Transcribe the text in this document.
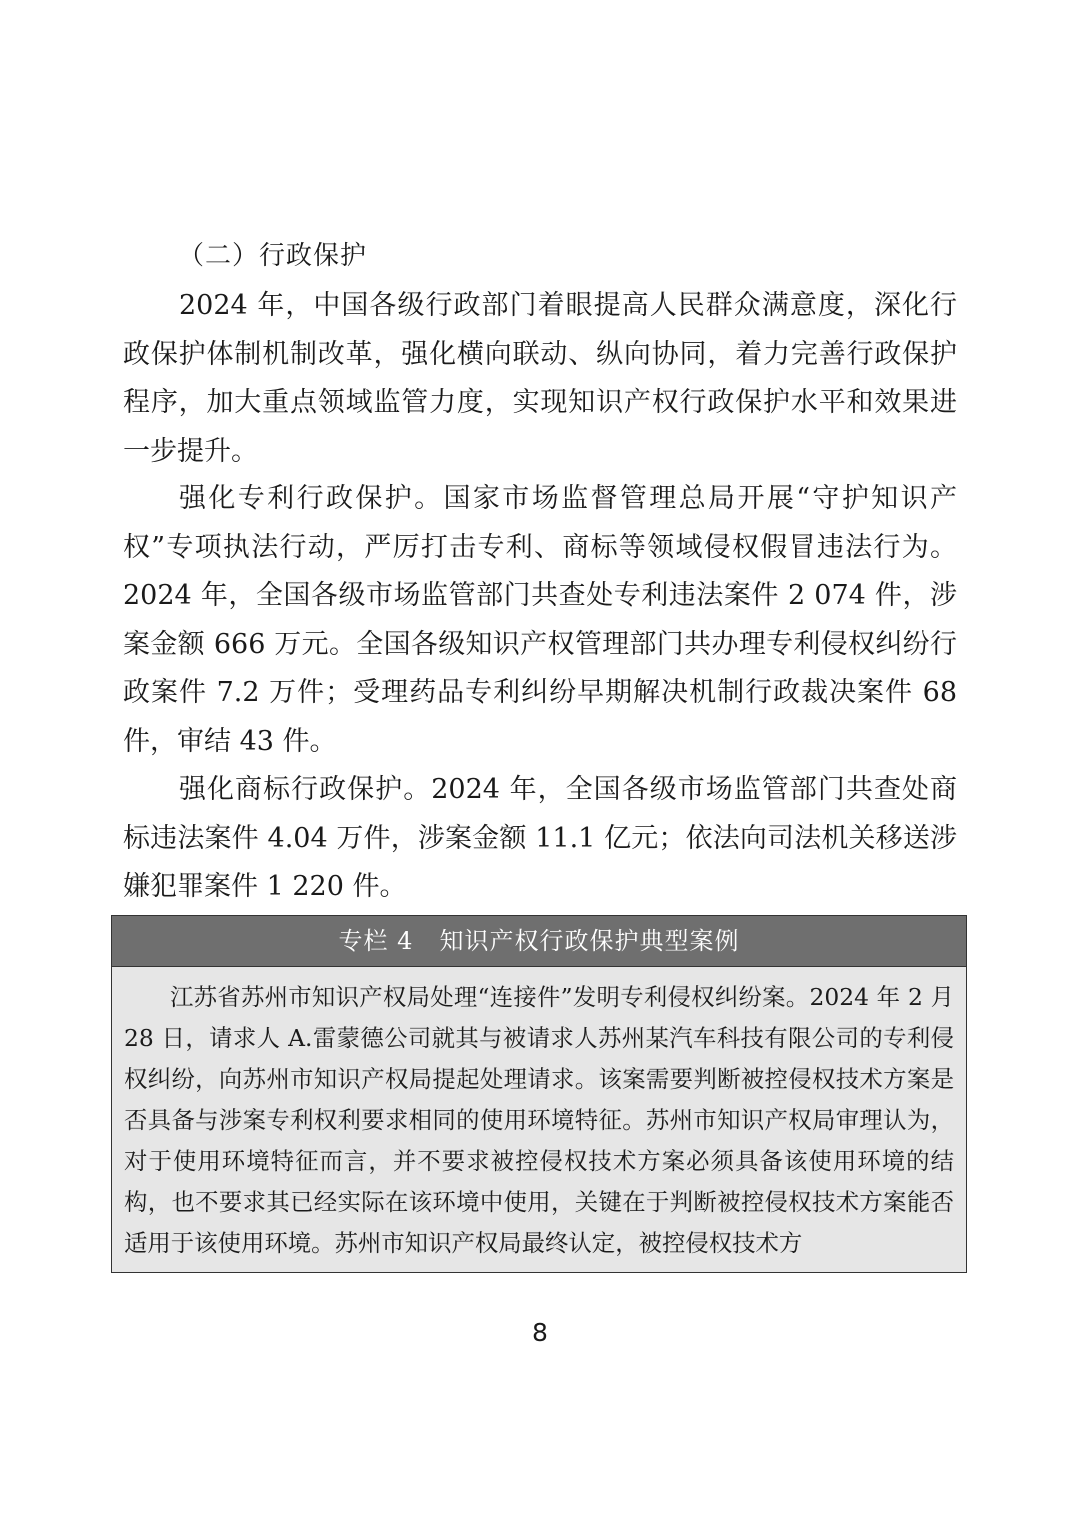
（二）行政保护

2024 年，中国各级行政部门着眼提高人民群众满意度，深化行政保护体制机制改革，强化横向联动、纵向协同，着力完善行政保护程序，加大重点领域监管力度，实现知识产权行政保护水平和效果进一步提升。

强化专利行政保护。国家市场监督管理总局开展“守护知识产权”专项执法行动，严厉打击专利、商标等领域侵权假冒违法行为。2024 年，全国各级市场监管部门共查处专利违法案件 2 074 件，涉案金额 666 万元。全国各级知识产权管理部门共办理专利侵权纠纷行政案件 7.2 万件；受理药品专利纠纷早期解决机制行政裁决案件 68 件，审结 43 件。

强化商标行政保护。2024 年，全国各级市场监管部门共查处商标违法案件 4.04 万件，涉案金额 11.1 亿元；依法向司法机关移送涉嫌犯罪案件 1 220 件。

专栏 4 知识产权行政保护典型案例

江苏省苏州市知识产权局处理“连接件”发明专利侵权纠纷案。2024 年 2 月 28 日，请求人 A.雷蒙德公司就其与被请求人苏州某汽车科技有限公司的专利侵权纠纷，向苏州市知识产权局提起处理请求。该案需要判断被控侵权技术方案是否具备与涉案专利权利要求相同的使用环境特征。苏州市知识产权局审理认为，对于使用环境特征而言，并不要求被控侵权技术方案必须具备该使用环境的结构，也不要求其已经实际在该环境中使用，关键在于判断被控侵权技术方案能否适用于该使用环境。苏州市知识产权局最终认定，被控侵权技术方

8
